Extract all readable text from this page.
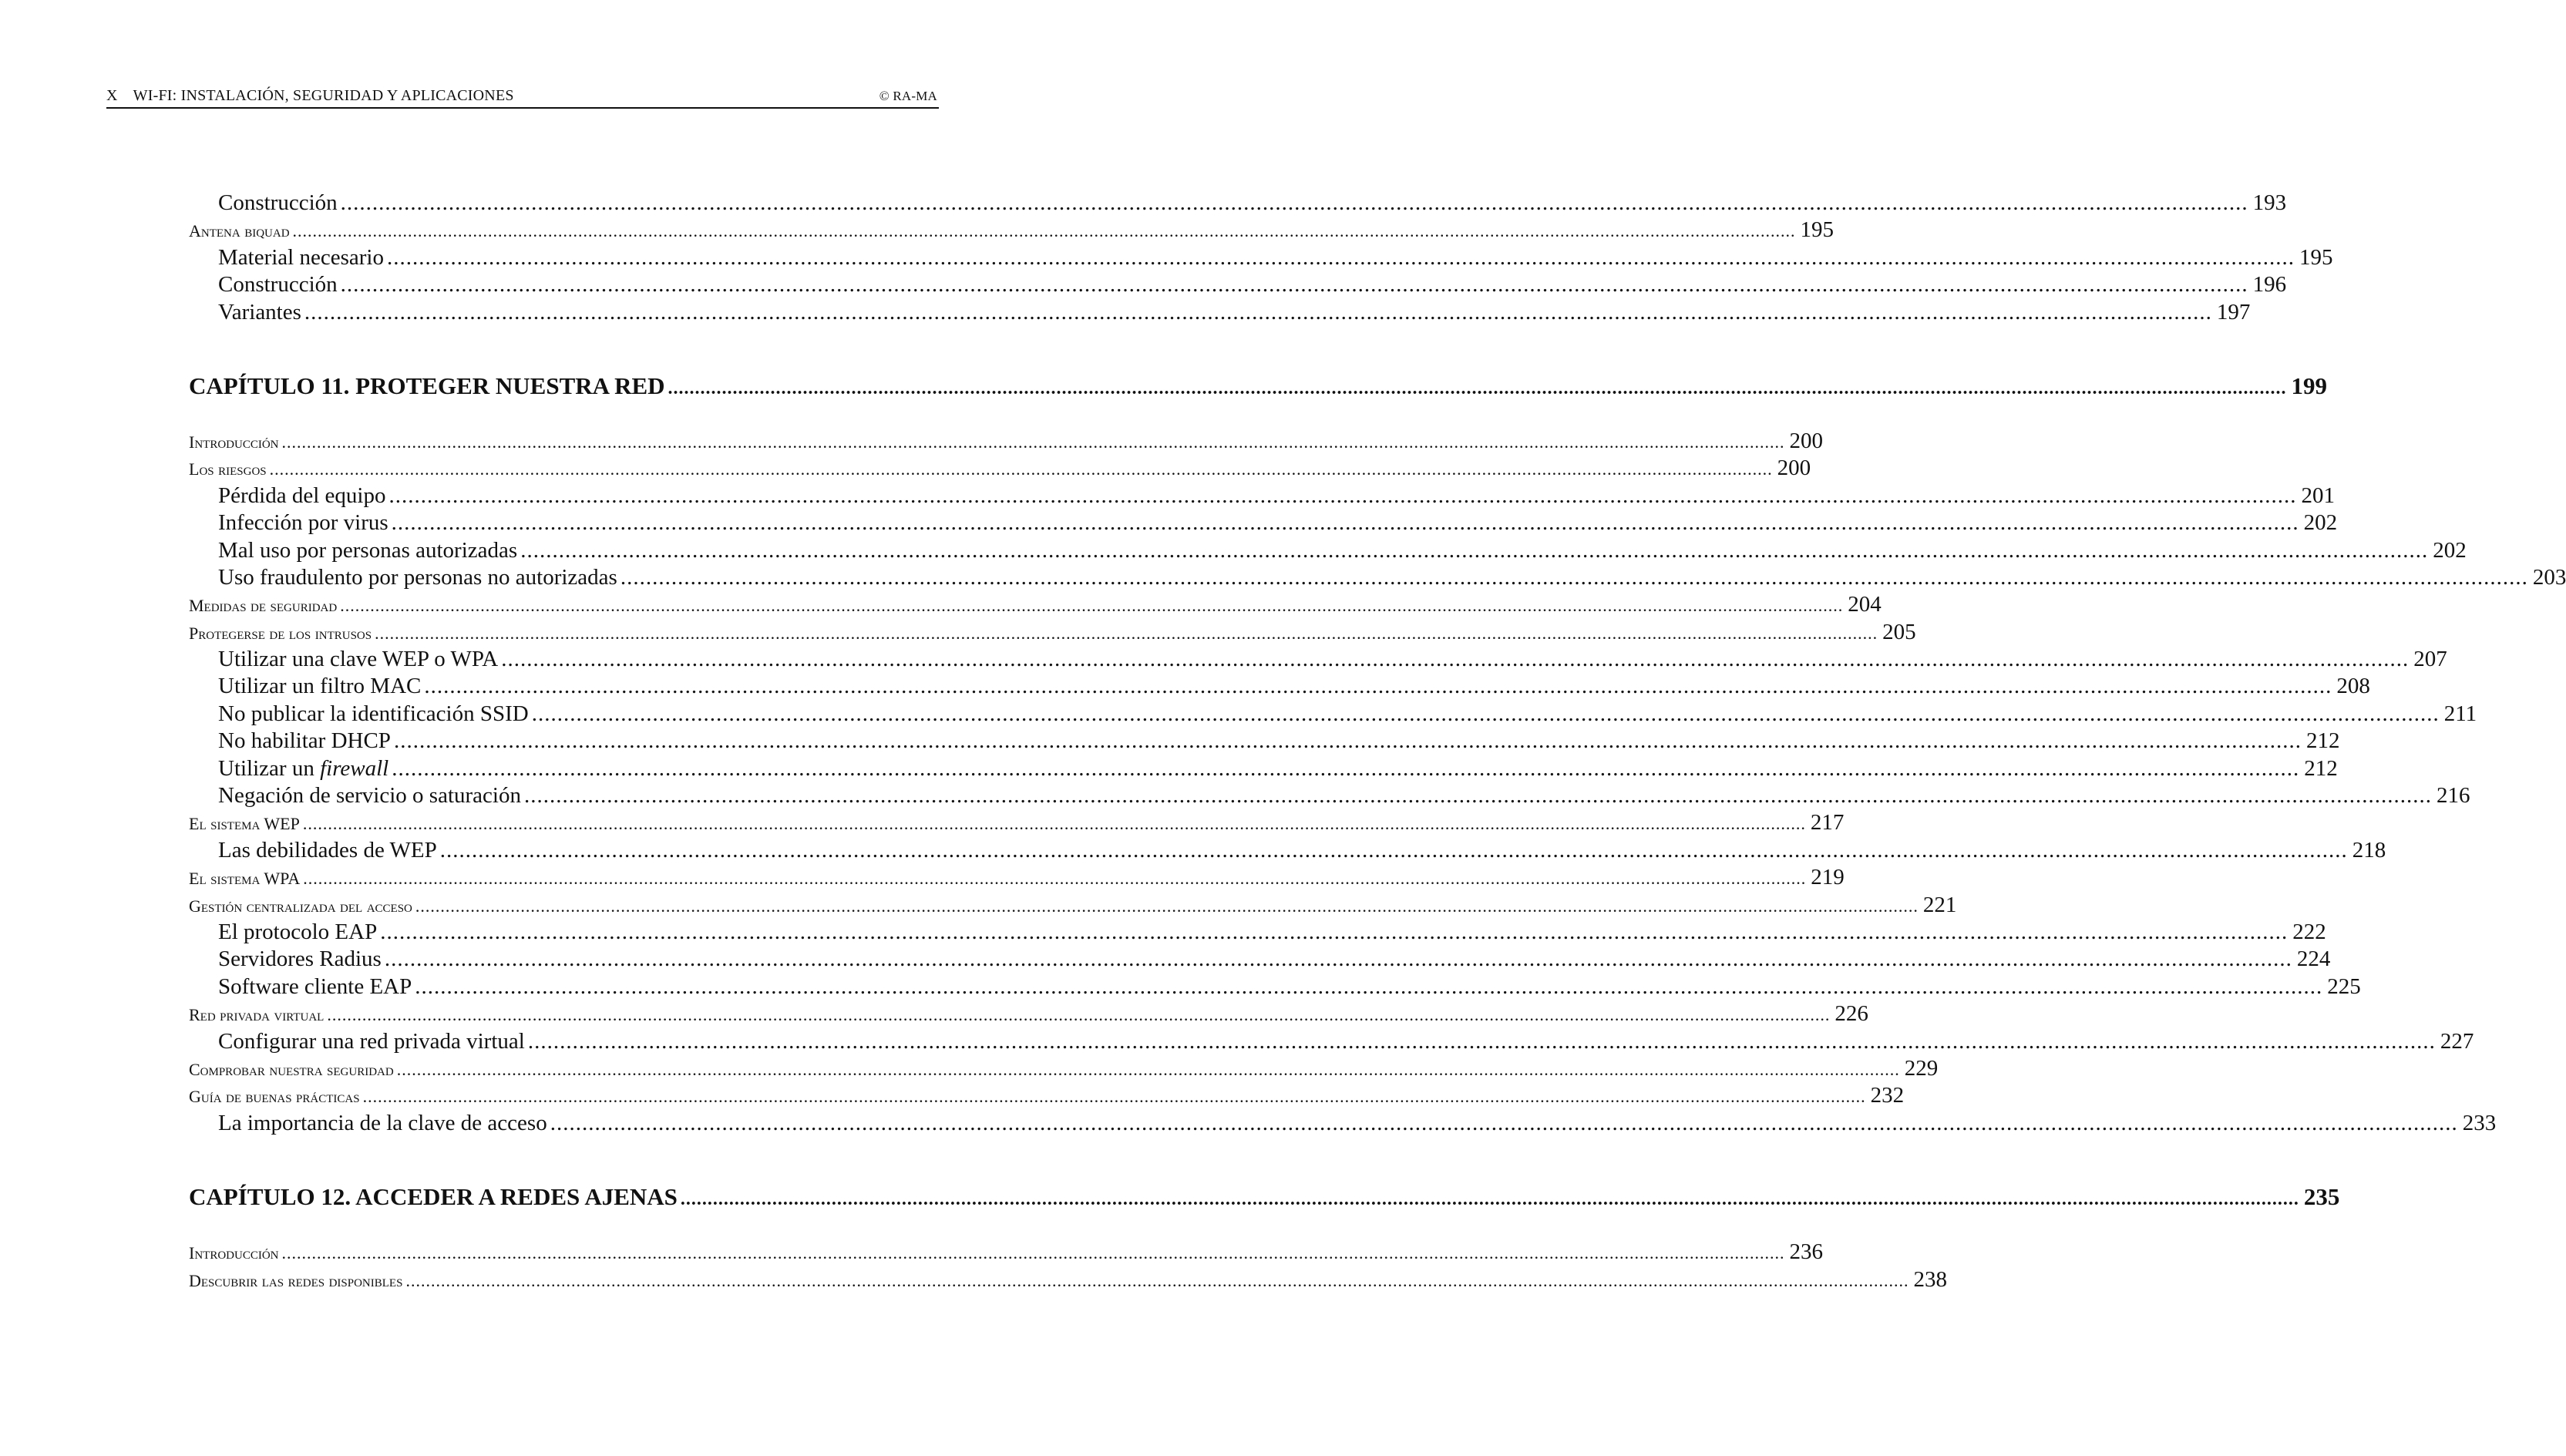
X WI-FI: INSTALACIÓN, SEGURIDAD Y APLICACIONES	© RA-MA
Construcción ............................................................................................................................................................................................................................................................................................................ 193
Antena biquad ............................................................................................................................................................................................................................................................................................................ 195
Material necesario ............................................................................................................................................................................................................................................................................................................ 195
Construcción ............................................................................................................................................................................................................................................................................................................ 196
Variantes ............................................................................................................................................................................................................................................................................................................ 197
CAPÍTULO 11. PROTEGER NUESTRA RED ............................................................................................................................................................................................................................................................................................................ 199
Introducción ............................................................................................................................................................................................................................................................................................................ 200
Los riesgos ............................................................................................................................................................................................................................................................................................................ 200
Pérdida del equipo ............................................................................................................................................................................................................................................................................................................ 201
Infección por virus ............................................................................................................................................................................................................................................................................................................ 202
Mal uso por personas autorizadas ............................................................................................................................................................................................................................................................................................................ 202
Uso fraudulento por personas no autorizadas ............................................................................................................................................................................................................................................................................................................ 203
Medidas de seguridad ............................................................................................................................................................................................................................................................................................................ 204
Protegerse de los intrusos ............................................................................................................................................................................................................................................................................................................ 205
Utilizar una clave WEP o WPA ............................................................................................................................................................................................................................................................................................................ 207
Utilizar un filtro MAC ............................................................................................................................................................................................................................................................................................................ 208
No publicar la identificación SSID ............................................................................................................................................................................................................................................................................................................ 211
No habilitar DHCP ............................................................................................................................................................................................................................................................................................................ 212
Utilizar un firewall ............................................................................................................................................................................................................................................................................................................ 212
Negación de servicio o saturación ............................................................................................................................................................................................................................................................................................................ 216
El sistema WEP ............................................................................................................................................................................................................................................................................................................ 217
Las debilidades de WEP ............................................................................................................................................................................................................................................................................................................ 218
El sistema WPA ............................................................................................................................................................................................................................................................................................................ 219
Gestión centralizada del acceso ............................................................................................................................................................................................................................................................................................................ 221
El protocolo EAP ............................................................................................................................................................................................................................................................................................................ 222
Servidores Radius ............................................................................................................................................................................................................................................................................................................ 224
Software cliente EAP ............................................................................................................................................................................................................................................................................................................ 225
Red privada virtual ............................................................................................................................................................................................................................................................................................................ 226
Configurar una red privada virtual ............................................................................................................................................................................................................................................................................................................ 227
Comprobar nuestra seguridad ............................................................................................................................................................................................................................................................................................................ 229
Guía de buenas prácticas ............................................................................................................................................................................................................................................................................................................ 232
La importancia de la clave de acceso ............................................................................................................................................................................................................................................................................................................ 233
CAPÍTULO 12. ACCEDER A REDES AJENAS ............................................................................................................................................................................................................................................................................................................ 235
Introducción ............................................................................................................................................................................................................................................................................................................ 236
Descubrir las redes disponibles ............................................................................................................................................................................................................................................................................................................ 238
